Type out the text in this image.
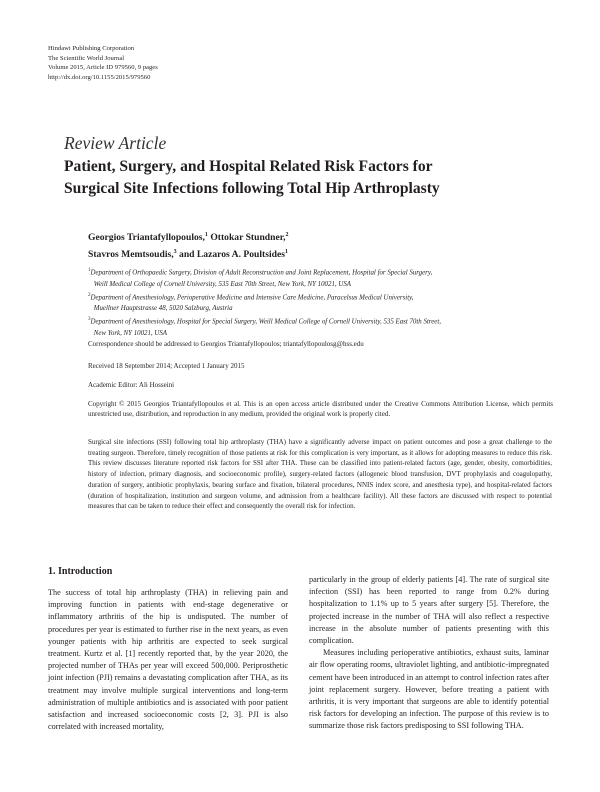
Hindawi Publishing Corporation
The Scientific World Journal
Volume 2015, Article ID 979560, 9 pages
http://dx.doi.org/10.1155/2015/979560
Review Article
Patient, Surgery, and Hospital Related Risk Factors for
Surgical Site Infections following Total Hip Arthroplasty
Georgios Triantafyllopoulos,$^1$ Ottokar Stundner,$^2$
Stavros Memtsoudis,$^3$ and Lazaros A. Poultsides$^1$

$^1$Department of Orthopaedic Surgery, Division of Adult Reconstruction and Joint Replacement, Hospital for Special Surgery,
Weill Medical College of Cornell University, 535 East 70th Street, New York, NY 10021, USA

$^2$Department of Anesthesiology, Perioperative Medicine and Intensive Care Medicine, Paracelsus Medical University,
Muellner Hauptstrasse 48, 5020 Salzburg, Austria

$^3$Department of Anesthesiology, Hospital for Special Surgery, Weill Medical College of Cornell University, 535 East 70th Street,
New York, NY 10021, USA

Correspondence should be addressed to Georgios Triantafyllopoulos; triantafyllopoulosg@hss.edu
Received 18 September 2014; Accepted 1 January 2015
Academic Editor: Ali Hosseini
Copyright © 2015 Georgios Triantafyllopoulos et al. This is an open access article distributed under the Creative Commons Attribution License, which permits unrestricted use, distribution, and reproduction in any medium, provided the original work is properly cited.
Surgical site infections (SSI) following total hip arthroplasty (THA) have a significantly adverse impact on patient outcomes and pose a great challenge to the treating surgeon. Therefore, timely recognition of those patients at risk for this complication is very important, as it allows for adopting measures to reduce this risk. This review discusses literature reported risk factors for SSI after THA. These can be classified into patient-related factors (age, gender, obesity, comorbidities, history of infection, primary diagnosis, and socioeconomic profile), surgery-related factors (allogeneic blood transfusion, DVT prophylaxis and coagulopathy, duration of surgery, antibiotic prophylaxis, bearing surface and fixation, bilateral procedures, NNIS index score, and anesthesia type), and hospital-related factors (duration of hospitalization, institution and surgeon volume, and admission from a healthcare facility). All these factors are discussed with respect to potential measures that can be taken to reduce their effect and consequently the overall risk for infection.
1. Introduction

The success of total hip arthroplasty (THA) in relieving pain and improving function in patients with end-stage degenerative or inflammatory arthritis of the hip is undisputed. The number of procedures per year is estimated to further rise in the next years, as even younger patients with hip arthritis are expected to seek surgical treatment. Kurtz et al. [1] recently reported that, by the year 2020, the projected number of THAs per year will exceed 500,000. Periprosthetic joint infection (PJI) remains a devastating complication after THA, as its treatment may involve multiple surgical interventions and long-term administration of multiple antibiotics and is associated with poor patient satisfaction and increased socioeconomic costs [2, 3]. PJI is also correlated with increased mortality,

particularly in the group of elderly patients [4]. The rate of surgical site infection (SSI) has been reported to range from 0.2% during hospitalization to 1.1% up to 5 years after surgery [5]. Therefore, the projected increase in the number of THA will also reflect a respective increase in the absolute number of patients presenting with this complication.

Measures including perioperative antibiotics, exhaust suits, laminar air flow operating rooms, ultraviolet lighting, and antibiotic-impregnated cement have been introduced in an attempt to control infection rates after joint replacement surgery. However, before treating a patient with arthritis, it is very important that surgeons are able to identify potential risk factors for developing an infection. The purpose of this review is to summarize those risk factors predisposing to SSI following THA.
